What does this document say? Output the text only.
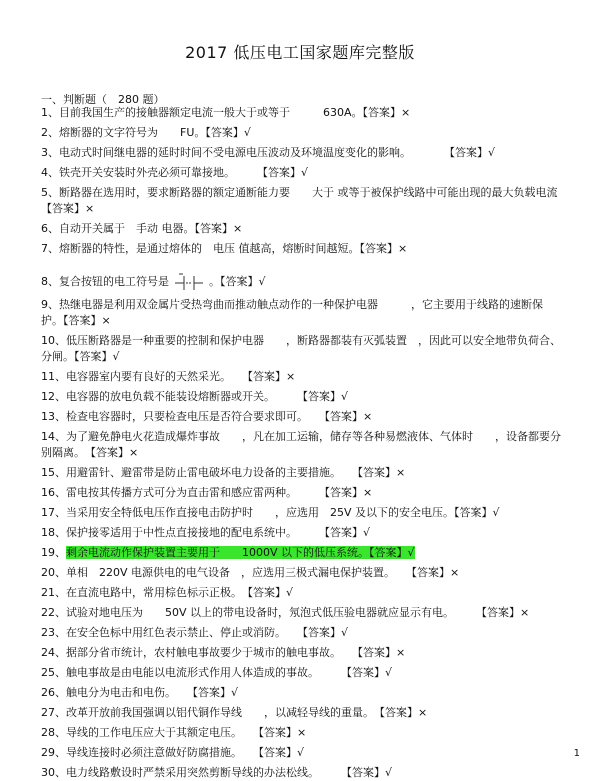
2017 低压电工国家题库完整版
一、判断题（　280 题）
1、目前我国生产的接触器额定电流一般大于或等于　　　630A。【答案】×
2、熔断器的文字符号为　　FU。【答案】√
3、电动式时间继电器的延时时间不受电源电压波动及环境温度变化的影响。　　　　【答案】√
4、铁壳开关安装时外壳必须可靠接地。　　　【答案】√
5、断路器在选用时，要求断路器的额定通断能力要　　大于 或等于被保护线路中可能出现的最大负载电流【答案】×
6、自动开关属于　手动 电器。【答案】×
7、熔断器的特性，是通过熔体的　电压 值越高，熔断时间越短。【答案】×
8、复合按钮的电工符号是	。【答案】√
9、热继电器是利用双金属片受热弯曲而推动触点动作的一种保护电器　　　，它主要用于线路的速断保护。【答案】×
10、低压断路器是一种重要的控制和保护电器　　，断路器都装有灭弧装置　，因此可以安全地带负荷合、分闸。【答案】√
11、电容器室内要有良好的天然采光。　　【答案】×
12、电容器的放电负载不能装设熔断器或开关。　　　【答案】√
13、检查电容器时，只要检查电压是否符合要求即可。　　【答案】×
14、为了避免静电火花造成爆炸事故　　，凡在加工运输，储存等各种易燃液体、气体时　　，设备都要分别隔离。　【答案】×
15、用避雷针、避雷带是防止雷电破坏电力设备的主要措施。　　【答案】×
16、雷电按其传播方式可分为直击雷和感应雷两种。　　　【答案】×
17、当采用安全特低电压作直接电击防护时　　，应选用　25V 及以下的安全电压。【答案】√
18、保护接零适用于中性点直接接地的配电系统中。　　　【答案】√
19、剩余电流动作保护装置主要用于　　1000V 以下的低压系统。【答案】√
20、单相　220V 电源供电的电气设备　，应选用三极式漏电保护装置。　　【答案】×
21、在直流电路中，常用棕色标示正极。　【答案】√
22、试验对地电压为　　50V 以上的带电设备时，氖泡式低压验电器就应显示有电。　　　【答案】×
23、在安全色标中用红色表示禁止、停止或消防。　　【答案】√
24、据部分省市统计，农村触电事故要少于城市的触电事故。　　【答案】×
25、触电事故是由电能以电流形式作用人体造成的事故。　　　【答案】√
26、触电分为电击和电伤。　　【答案】√
27、改革开放前我国强调以铝代铜作导线　　，以减轻导线的重量。　【答案】×
28、导线的工作电压应大于其额定电压。　　【答案】×
29、导线连接时必须注意做好防腐措施。　　【答案】√
30、电力线路敷设时严禁采用突然剪断导线的办法松线。　　　【答案】√
1
